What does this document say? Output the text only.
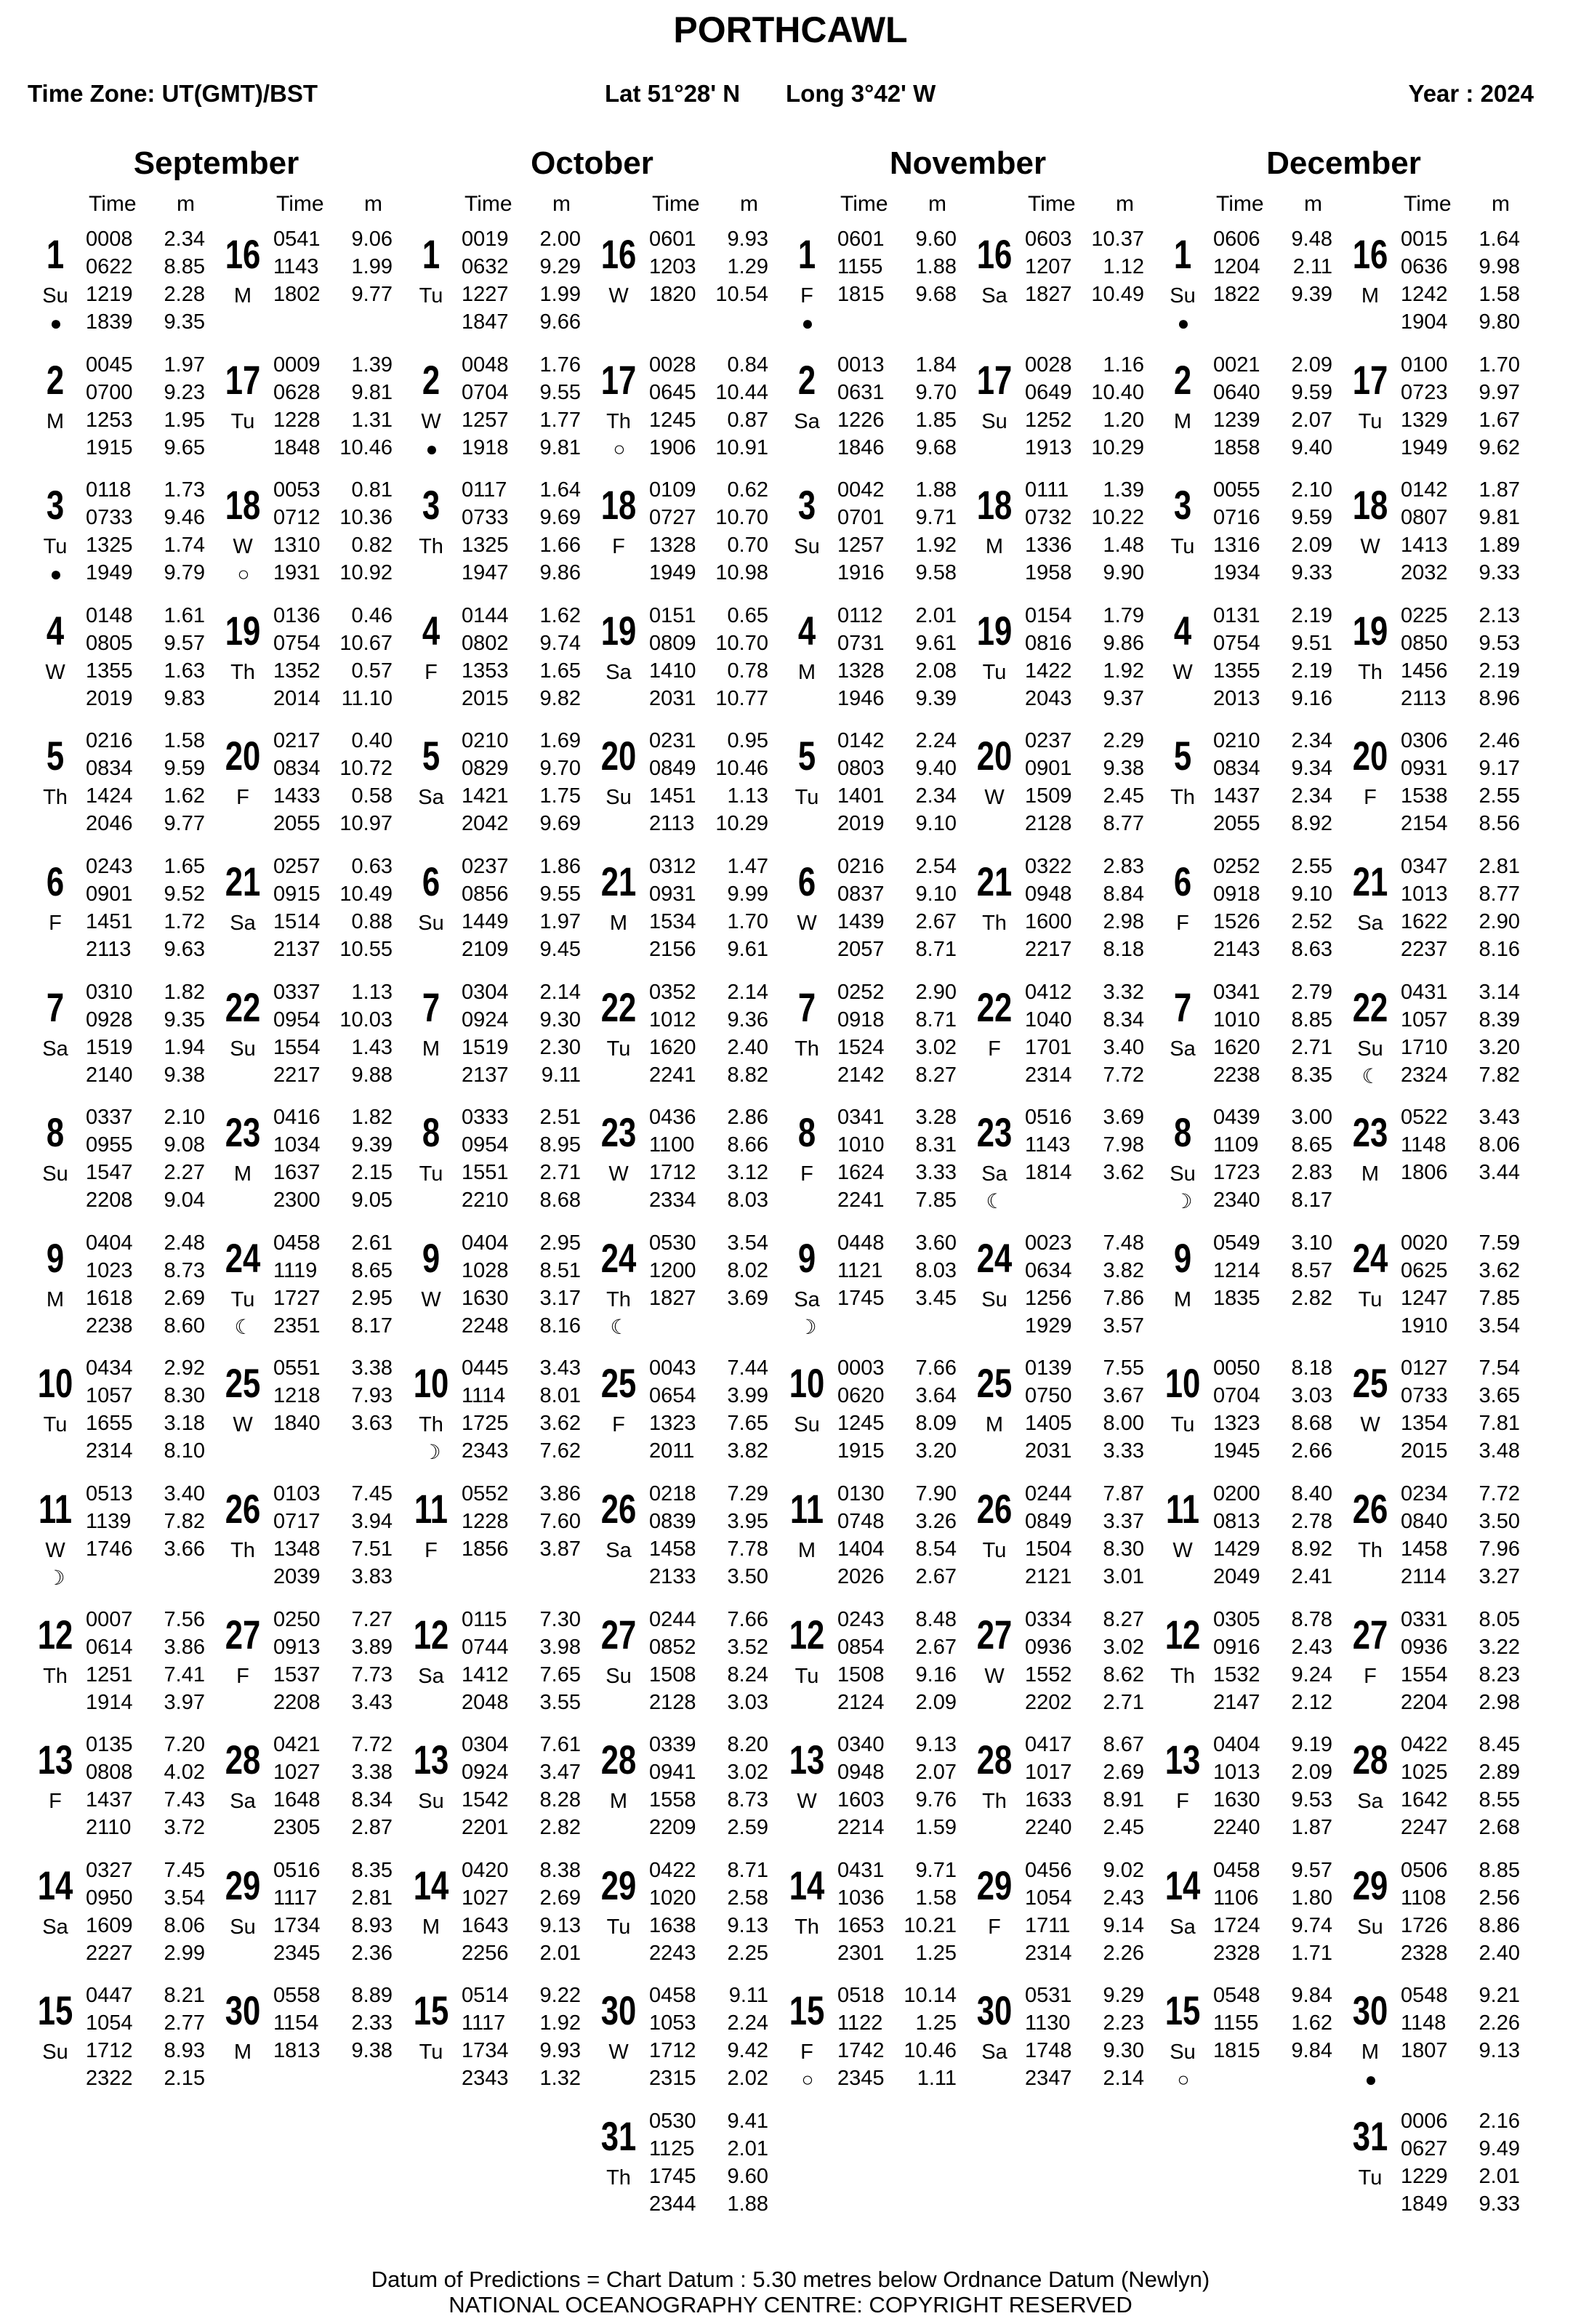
PORTHCAWL
Time Zone: UT(GMT)/BST	Lat 51°28' N Long 3°42' W	Year : 2024
September
Time m	Time m
1
Su
●
0008 2.34
0622 8.85
1219 2.28
1839 9.35
2
M
0045 1.97
0700 9.23
1253 1.95
1915 9.65
3
Tu
●
0118 1.73
0733 9.46
1325 1.74
1949 9.79
4
W
0148 1.61
0805 9.57
1355 1.63
2019 9.83
5
Th
0216 1.58
0834 9.59
1424 1.62
2046 9.77
6
F
0243 1.65
0901 9.52
1451 1.72
2113 9.63
7
Sa
0310 1.82
0928 9.35
1519 1.94
2140 9.38
8
Su
0337 2.10
0955 9.08
1547 2.27
2208 9.04
9
M
0404 2.48
1023 8.73
1618 2.69
2238 8.60
10
Tu
0434 2.92
1057 8.30
1655 3.18
2314 8.10
11
W
☽
0513 3.40
1139 7.82
1746 3.66
12
Th
0007 7.56
0614 3.86
1251 7.41
1914 3.97
13
F
0135 7.20
0808 4.02
1437 7.43
2110 3.72
14
Sa
0327 7.45
0950 3.54
1609 8.06
2227 2.99
15
Su
0447 8.21
1054 2.77
1712 8.93
2322 2.15
16
M
0541 9.06
1143 1.99
1802 9.77
17
Tu
0009 1.39
0628 9.81
1228 1.31
1848 10.46
18
W
○
0053 0.81
0712 10.36
1310 0.82
1931 10.92
19
Th
0136 0.46
0754 10.67
1352 0.57
2014 11.10
20
F
0217 0.40
0834 10.72
1433 0.58
2055 10.97
21
Sa
0257 0.63
0915 10.49
1514 0.88
2137 10.55
22
Su
0337 1.13
0954 10.03
1554 1.43
2217 9.88
23
M
0416 1.82
1034 9.39
1637 2.15
2300 9.05
24
Tu
☾
0458 2.61
1119 8.65
1727 2.95
2351 8.17
25
W
0551 3.38
1218 7.93
1840 3.63
26
Th
0103 7.45
0717 3.94
1348 7.51
2039 3.83
27
F
0250 7.27
0913 3.89
1537 7.73
2208 3.43
28
Sa
0421 7.72
1027 3.38
1648 8.34
2305 2.87
29
Su
0516 8.35
1117 2.81
1734 8.93
2345 2.36
30
M
0558 8.89
1154 2.33
1813 9.38
October
Time m	Time m
1
Tu
0019 2.00
0632 9.29
1227 1.99
1847 9.66
2
W
●
0048 1.76
0704 9.55
1257 1.77
1918 9.81
3
Th
0117 1.64
0733 9.69
1325 1.66
1947 9.86
4
F
0144 1.62
0802 9.74
1353 1.65
2015 9.82
5
Sa
0210 1.69
0829 9.70
1421 1.75
2042 9.69
6
Su
0237 1.86
0856 9.55
1449 1.97
2109 9.45
7
M
0304 2.14
0924 9.30
1519 2.30
2137 9.11
8
Tu
0333 2.51
0954 8.95
1551 2.71
2210 8.68
9
W
0404 2.95
1028 8.51
1630 3.17
2248 8.16
10
Th
☽
0445 3.43
1114 8.01
1725 3.62
2343 7.62
11
F
0552 3.86
1228 7.60
1856 3.87
12
Sa
0115 7.30
0744 3.98
1412 7.65
2048 3.55
13
Su
0304 7.61
0924 3.47
1542 8.28
2201 2.82
14
M
0420 8.38
1027 2.69
1643 9.13
2256 2.01
15
Tu
0514 9.22
1117 1.92
1734 9.93
2343 1.32
16
W
0601 9.93
1203 1.29
1820 10.54
17
Th
○
0028 0.84
0645 10.44
1245 0.87
1906 10.91
18
F
0109 0.62
0727 10.70
1328 0.70
1949 10.98
19
Sa
0151 0.65
0809 10.70
1410 0.78
2031 10.77
20
Su
0231 0.95
0849 10.46
1451 1.13
2113 10.29
21
M
0312 1.47
0931 9.99
1534 1.70
2156 9.61
22
Tu
0352 2.14
1012 9.36
1620 2.40
2241 8.82
23
W
0436 2.86
1100 8.66
1712 3.12
2334 8.03
24
Th
☾
0530 3.54
1200 8.02
1827 3.69
25
F
0043 7.44
0654 3.99
1323 7.65
2011 3.82
26
Sa
0218 7.29
0839 3.95
1458 7.78
2133 3.50
27
Su
0244 7.66
0852 3.52
1508 8.24
2128 3.03
28
M
0339 8.20
0941 3.02
1558 8.73
2209 2.59
29
Tu
0422 8.71
1020 2.58
1638 9.13
2243 2.25
30
W
0458 9.11
1053 2.24
1712 9.42
2315 2.02
31
Th
0530 9.41
1125 2.01
1745 9.60
2344 1.88
November
Time m	Time m
1
F
●
0601 9.60
1155 1.88
1815 9.68
2
Sa
0013 1.84
0631 9.70
1226 1.85
1846 9.68
3
Su
0042 1.88
0701 9.71
1257 1.92
1916 9.58
4
M
0112 2.01
0731 9.61
1328 2.08
1946 9.39
5
Tu
0142 2.24
0803 9.40
1401 2.34
2019 9.10
6
W
0216 2.54
0837 9.10
1439 2.67
2057 8.71
7
Th
0252 2.90
0918 8.71
1524 3.02
2142 8.27
8
F
0341 3.28
1010 8.31
1624 3.33
2241 7.85
9
Sa
☽
0448 3.60
1121 8.03
1745 3.45
10
Su
0003 7.66
0620 3.64
1245 8.09
1915 3.20
11
M
0130 7.90
0748 3.26
1404 8.54
2026 2.67
12
Tu
0243 8.48
0854 2.67
1508 9.16
2124 2.09
13
W
0340 9.13
0948 2.07
1603 9.76
2214 1.59
14
Th
0431 9.71
1036 1.58
1653 10.21
2301 1.25
15
F
○
0518 10.14
1122 1.25
1742 10.46
2345 1.11
16
Sa
0603 10.37
1207 1.12
1827 10.49
17
Su
0028 1.16
0649 10.40
1252 1.20
1913 10.29
18
M
0111 1.39
0732 10.22
1336 1.48
1958 9.90
19
Tu
0154 1.79
0816 9.86
1422 1.92
2043 9.37
20
W
0237 2.29
0901 9.38
1509 2.45
2128 8.77
21
Th
0322 2.83
0948 8.84
1600 2.98
2217 8.18
22
F
0412 3.32
1040 8.34
1701 3.40
2314 7.72
23
Sa
☾
0516 3.69
1143 7.98
1814 3.62
24
Su
0023 7.48
0634 3.82
1256 7.86
1929 3.57
25
M
0139 7.55
0750 3.67
1405 8.00
2031 3.33
26
Tu
0244 7.87
0849 3.37
1504 8.30
2121 3.01
27
W
0334 8.27
0936 3.02
1552 8.62
2202 2.71
28
Th
0417 8.67
1017 2.69
1633 8.91
2240 2.45
29
F
0456 9.02
1054 2.43
1711 9.14
2314 2.26
30
Sa
0531 9.29
1130 2.23
1748 9.30
2347 2.14
December
Time m	Time m
1
Su
●
0606 9.48
1204 2.11
1822 9.39
2
M
0021 2.09
0640 9.59
1239 2.07
1858 9.40
3
Tu
0055 2.10
0716 9.59
1316 2.09
1934 9.33
4
W
0131 2.19
0754 9.51
1355 2.19
2013 9.16
5
Th
0210 2.34
0834 9.34
1437 2.34
2055 8.92
6
F
0252 2.55
0918 9.10
1526 2.52
2143 8.63
7
Sa
0341 2.79
1010 8.85
1620 2.71
2238 8.35
8
Su
☽
0439 3.00
1109 8.65
1723 2.83
2340 8.17
9
M
0549 3.10
1214 8.57
1835 2.82
10
Tu
0050 8.18
0704 3.03
1323 8.68
1945 2.66
11
W
0200 8.40
0813 2.78
1429 8.92
2049 2.41
12
Th
0305 8.78
0916 2.43
1532 9.24
2147 2.12
13
F
0404 9.19
1013 2.09
1630 9.53
2240 1.87
14
Sa
0458 9.57
1106 1.80
1724 9.74
2328 1.71
15
Su
○
0548 9.84
1155 1.62
1815 9.84
16
M
0015 1.64
0636 9.98
1242 1.58
1904 9.80
17
Tu
0100 1.70
0723 9.97
1329 1.67
1949 9.62
18
W
0142 1.87
0807 9.81
1413 1.89
2032 9.33
19
Th
0225 2.13
0850 9.53
1456 2.19
2113 8.96
20
F
0306 2.46
0931 9.17
1538 2.55
2154 8.56
21
Sa
0347 2.81
1013 8.77
1622 2.90
2237 8.16
22
Su
☾
0431 3.14
1057 8.39
1710 3.20
2324 7.82
23
M
0522 3.43
1148 8.06
1806 3.44
24
Tu
0020 7.59
0625 3.62
1247 7.85
1910 3.54
25
W
0127 7.54
0733 3.65
1354 7.81
2015 3.48
26
Th
0234 7.72
0840 3.50
1458 7.96
2114 3.27
27
F
0331 8.05
0936 3.22
1554 8.23
2204 2.98
28
Sa
0422 8.45
1025 2.89
1642 8.55
2247 2.68
29
Su
0506 8.85
1108 2.56
1726 8.86
2328 2.40
30
M
●
0548 9.21
1148 2.26
1807 9.13
31
Tu
0006 2.16
0627 9.49
1229 2.01
1849 9.33
Datum of Predictions = Chart Datum : 5.30 metres below Ordnance Datum (Newlyn)
NATIONAL OCEANOGRAPHY CENTRE: COPYRIGHT RESERVED
